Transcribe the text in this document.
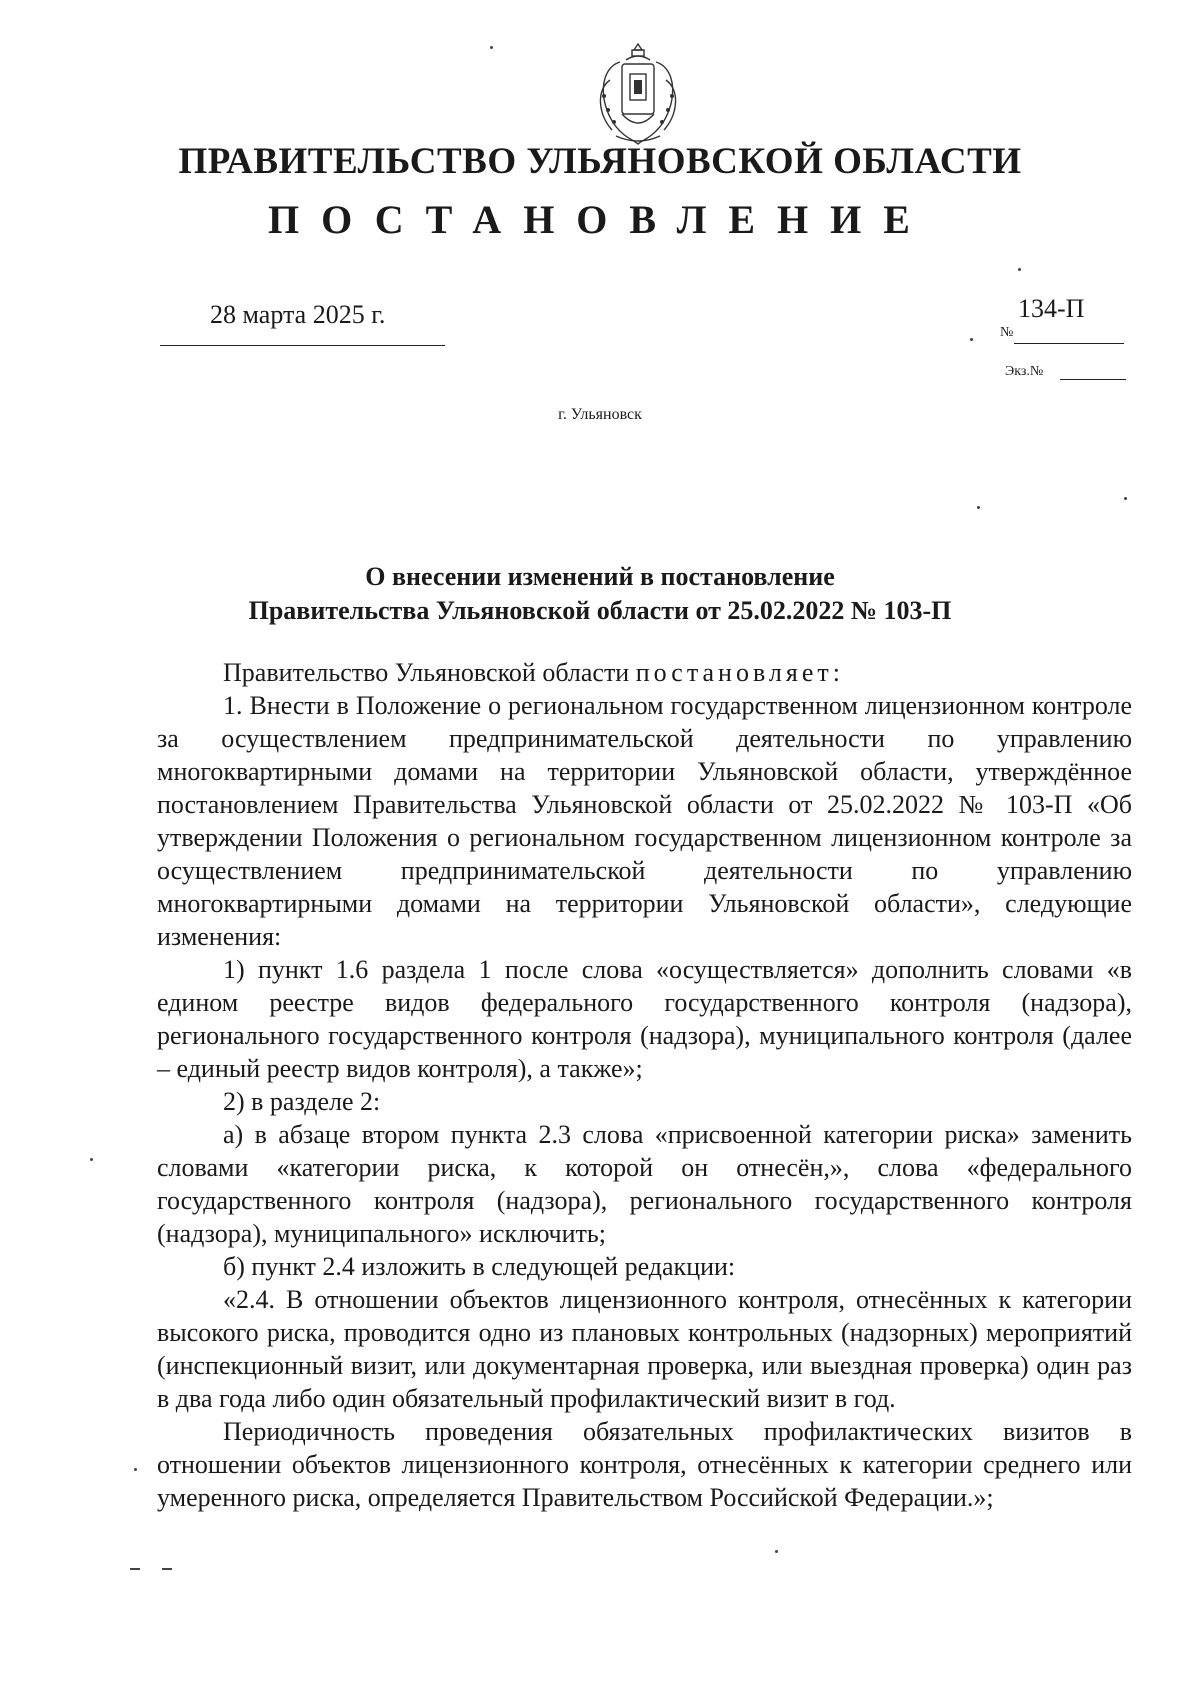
ПРАВИТЕЛЬСТВО УЛЬЯНОВСКОЙ ОБЛАСТИ
ПОСТАНОВЛЕНИЕ
28 марта 2025 г.
№
134-П
Экз.№
г. Ульяновск
О внесении изменений в постановление
Правительства Ульяновской области от 25.02.2022 № 103-П

Правительство Ульяновской области постановляет:

1. Внести в Положение о региональном государственном лицензионном контроле за осуществлением предпринимательской деятельности по управлению многоквартирными домами на территории Ульяновской области, утверждённое постановлением Правительства Ульяновской области от 25.02.2022 № 103-П «Об утверждении Положения о региональном государственном лицензионном контроле за осуществлением предпринимательской деятельности по управлению многоквартирными домами на территории Ульяновской области», следующие изменения:

1) пункт 1.6 раздела 1 после слова «осуществляется» дополнить словами «в едином реестре видов федерального государственного контроля (надзора), регионального государственного контроля (надзора), муниципального контроля (далее – единый реестр видов контроля), а также»;

2) в разделе 2:

а) в абзаце втором пункта 2.3 слова «присвоенной категории риска» заменить словами «категории риска, к которой он отнесён,», слова «федерального государственного контроля (надзора), регионального государственного контроля (надзора), муниципального» исключить;

б) пункт 2.4 изложить в следующей редакции:

«2.4. В отношении объектов лицензионного контроля, отнесённых к категории высокого риска, проводится одно из плановых контрольных (надзорных) мероприятий (инспекционный визит, или документарная проверка, или выездная проверка) один раз в два года либо один обязательный профилактический визит в год.

Периодичность проведения обязательных профилактических визитов в отношении объектов лицензионного контроля, отнесённых к категории среднего или умеренного риска, определяется Правительством Российской Федерации.»;
